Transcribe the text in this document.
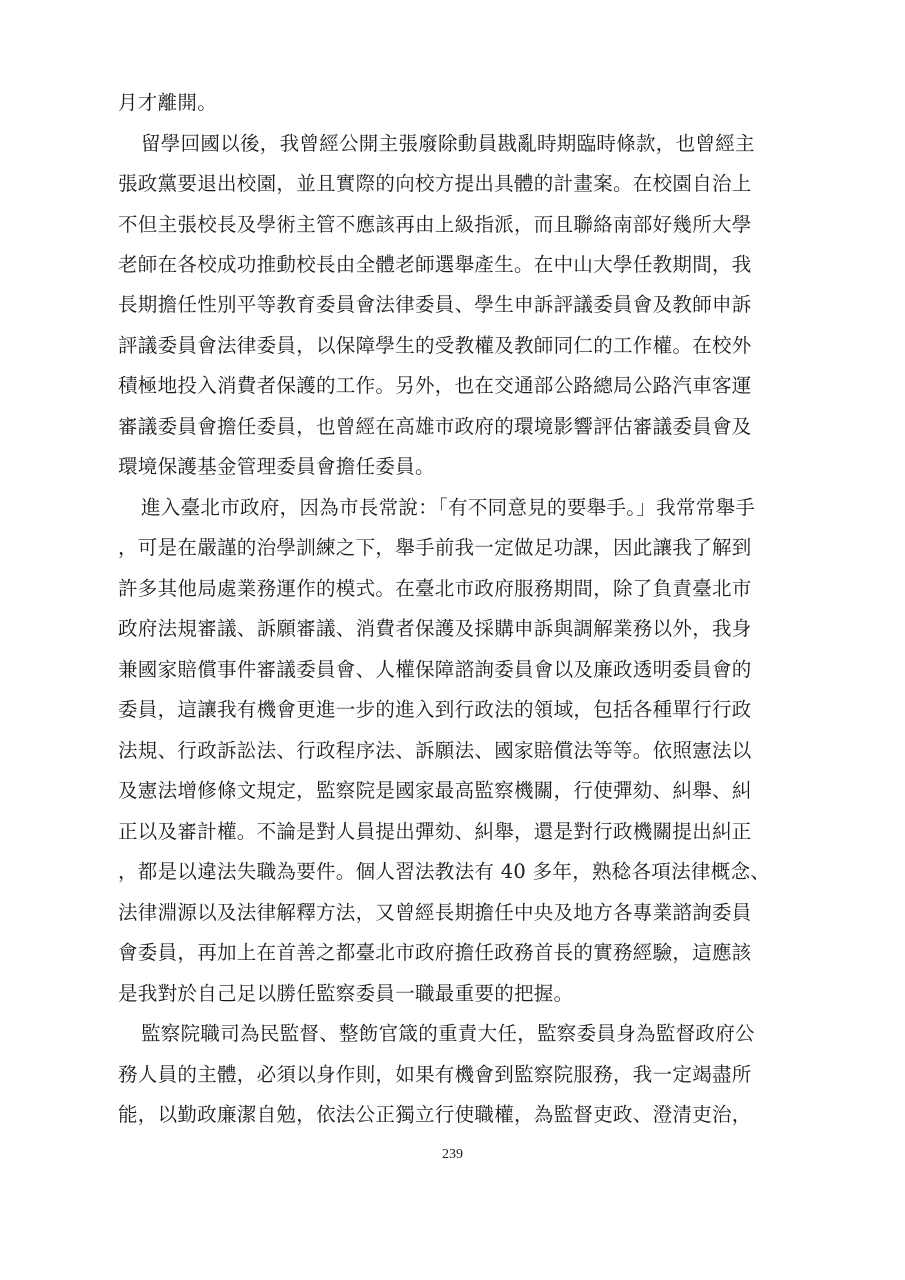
月才離開。
留學回國以後，我曾經公開主張廢除動員戡亂時期臨時條款，也曾經主
張政黨要退出校園，並且實際的向校方提出具體的計畫案。在校園自治上
不但主張校長及學術主管不應該再由上級指派，而且聯絡南部好幾所大學
老師在各校成功推動校長由全體老師選舉產生。在中山大學任教期間，我
長期擔任性別平等教育委員會法律委員、學生申訴評議委員會及教師申訴
評議委員會法律委員，以保障學生的受教權及教師同仁的工作權。在校外
積極地投入消費者保護的工作。另外，也在交通部公路總局公路汽車客運
審議委員會擔任委員，也曾經在高雄市政府的環境影響評估審議委員會及
環境保護基金管理委員會擔任委員。
進入臺北市政府，因為市長常說：「有不同意見的要舉手。」我常常舉手
，可是在嚴謹的治學訓練之下，舉手前我一定做足功課，因此讓我了解到
許多其他局處業務運作的模式。在臺北市政府服務期間，除了負責臺北市
政府法規審議、訴願審議、消費者保護及採購申訴與調解業務以外，我身
兼國家賠償事件審議委員會、人權保障諮詢委員會以及廉政透明委員會的
委員，這讓我有機會更進一步的進入到行政法的領域，包括各種單行行政
法規、行政訴訟法、行政程序法、訴願法、國家賠償法等等。依照憲法以
及憲法增修條文規定，監察院是國家最高監察機關，行使彈劾、糾舉、糾
正以及審計權。不論是對人員提出彈劾、糾舉，還是對行政機關提出糾正
，都是以違法失職為要件。個人習法教法有 40 多年，熟稔各項法律概念、
法律淵源以及法律解釋方法，又曾經長期擔任中央及地方各專業諮詢委員
會委員，再加上在首善之都臺北市政府擔任政務首長的實務經驗，這應該
是我對於自己足以勝任監察委員一職最重要的把握。
監察院職司為民監督、整飭官箴的重責大任，監察委員身為監督政府公
務人員的主體，必須以身作則，如果有機會到監察院服務，我一定竭盡所
能，以勤政廉潔自勉，依法公正獨立行使職權，為監督吏政、澄清吏治，
239
